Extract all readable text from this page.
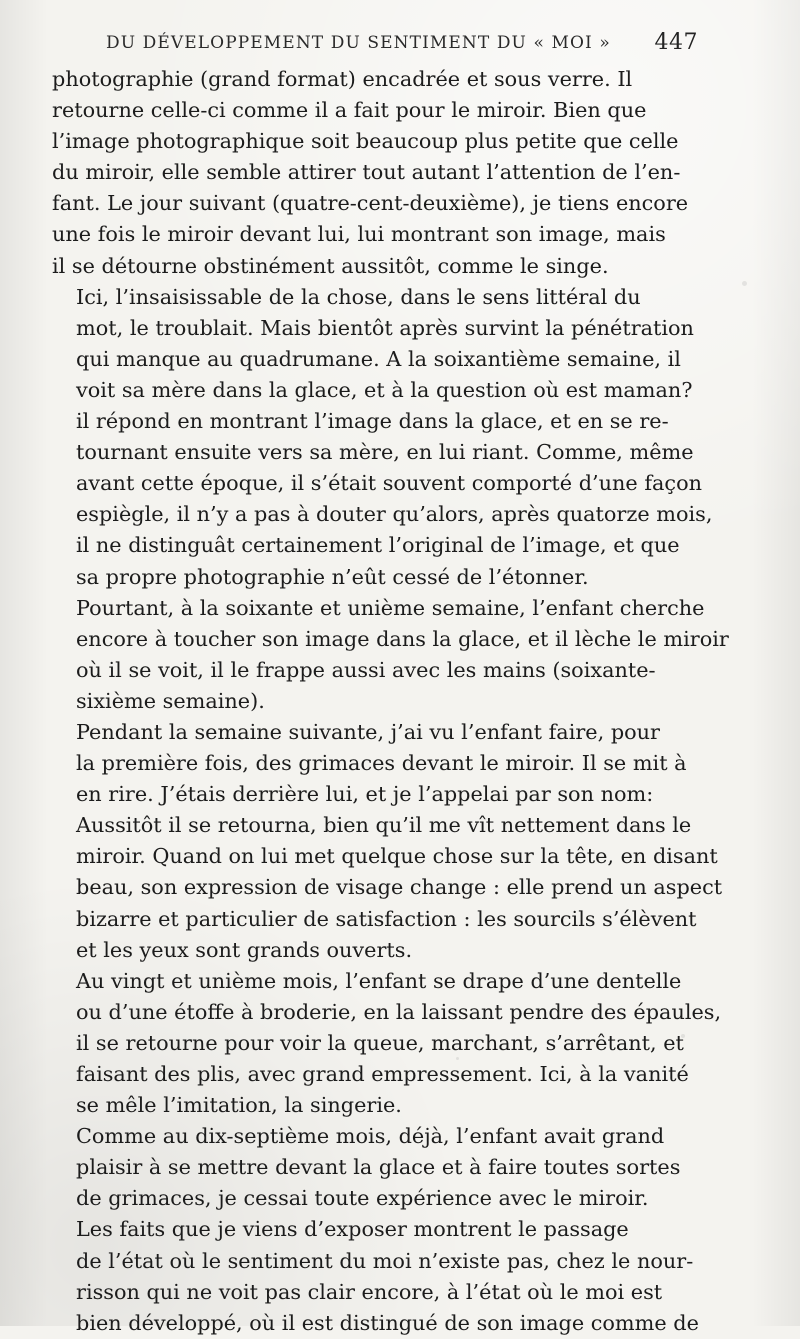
DU DÉVELOPPEMENT DU SENTIMENT DU « MOI » 447

photographie (grand format) encadrée et sous verre. Il
retourne celle-ci comme il a fait pour le miroir. Bien que
l’image photographique soit beaucoup plus petite que celle
du miroir, elle semble attirer tout autant l’attention de l’en-
fant. Le jour suivant (quatre-cent-deuxième), je tiens encore
une fois le miroir devant lui, lui montrant son image, mais
il se détourne obstinément aussitôt, comme le singe.

Ici, l’insaisissable de la chose, dans le sens littéral du
mot, le troublait. Mais bientôt après survint la pénétration
qui manque au quadrumane. A la soixantième semaine, il
voit sa mère dans la glace, et à la question où est maman?
il répond en montrant l’image dans la glace, et en se re-
tournant ensuite vers sa mère, en lui riant. Comme, même
avant cette époque, il s’était souvent comporté d’une façon
espiègle, il n’y a pas à douter qu’alors, après quatorze mois,
il ne distinguât certainement l’original de l’image, et que
sa propre photographie n’eût cessé de l’étonner.

Pourtant, à la soixante et unième semaine, l’enfant cherche
encore à toucher son image dans la glace, et il lèche le miroir
où il se voit, il le frappe aussi avec les mains (soixante-
sixième semaine).

Pendant la semaine suivante, j’ai vu l’enfant faire, pour
la première fois, des grimaces devant le miroir. Il se mit à
en rire. J’étais derrière lui, et je l’appelai par son nom:
Aussitôt il se retourna, bien qu’il me vît nettement dans le
miroir. Quand on lui met quelque chose sur la tête, en disant
beau, son expression de visage change : elle prend un aspect
bizarre et particulier de satisfaction : les sourcils s’élèvent
et les yeux sont grands ouverts.

Au vingt et unième mois, l’enfant se drape d’une dentelle
ou d’une étoffe à broderie, en la laissant pendre des épaules,
il se retourne pour voir la queue, marchant, s’arrêtant, et
faisant des plis, avec grand empressement. Ici, à la vanité
se mêle l’imitation, la singerie.

Comme au dix-septième mois, déjà, l’enfant avait grand
plaisir à se mettre devant la glace et à faire toutes sortes
de grimaces, je cessai toute expérience avec le miroir.

Les faits que je viens d’exposer montrent le passage
de l’état où le sentiment du moi n’existe pas, chez le nour-
risson qui ne voit pas clair encore, à l’état où le moi est
bien développé, où il est distingué de son image comme de
